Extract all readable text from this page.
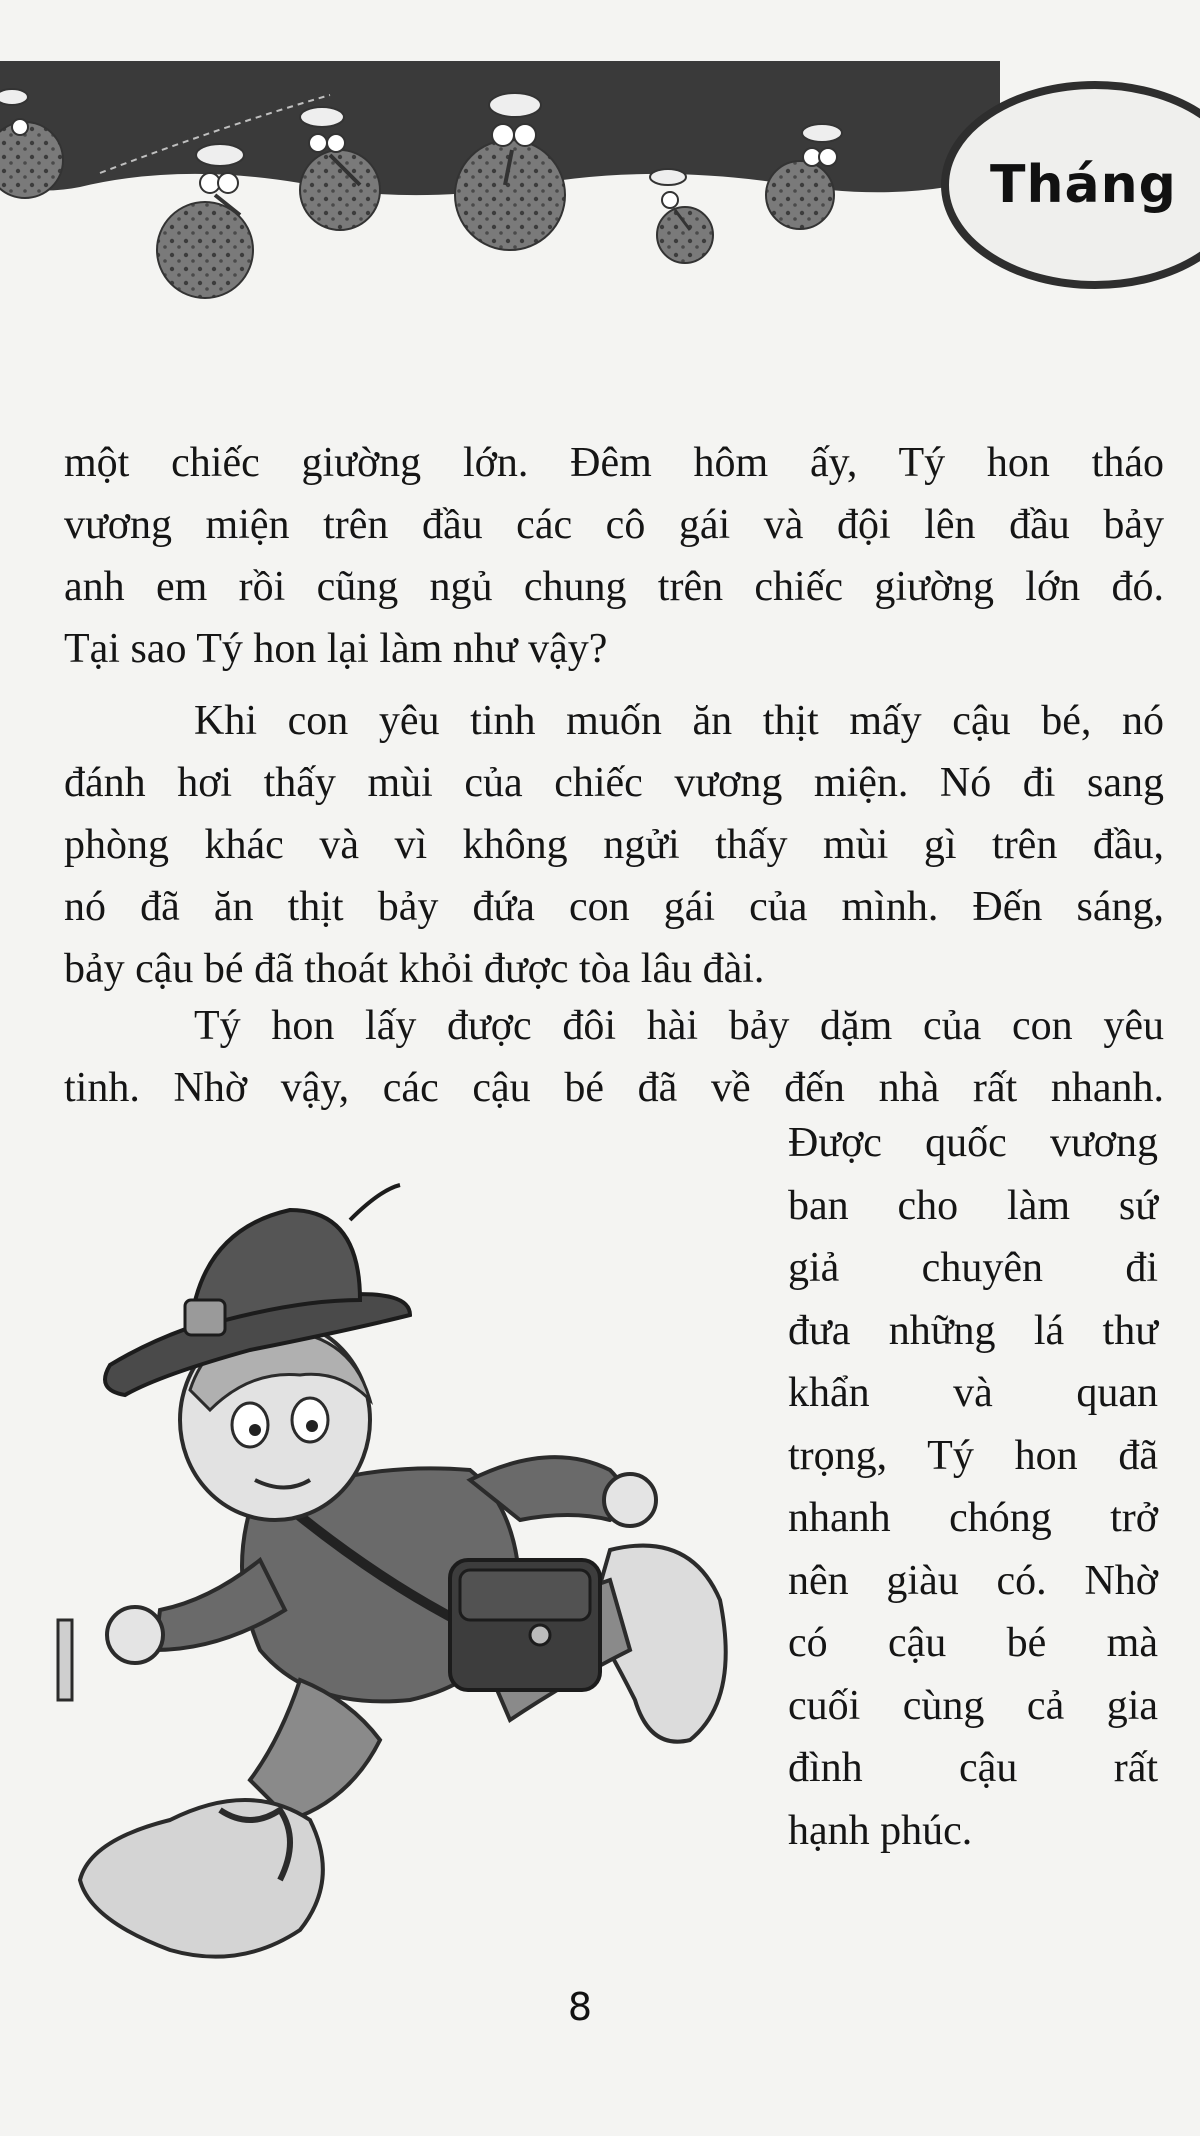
Tháng
một chiếc giường lớn. Đêm hôm ấy, Tý hon tháo
vương miện trên đầu các cô gái và đội lên đầu bảy
anh em rồi cũng ngủ chung trên chiếc giường lớn đó.
Tại sao Tý hon lại làm như vậy?
Khi con yêu tinh muốn ăn thịt mấy cậu bé, nó
đánh hơi thấy mùi của chiếc vương miện. Nó đi sang
phòng khác và vì không ngửi thấy mùi gì trên đầu,
nó đã ăn thịt bảy đứa con gái của mình. Đến sáng,
bảy cậu bé đã thoát khỏi được tòa lâu đài.
Tý hon lấy được đôi hài bảy dặm của con yêu
tinh. Nhờ vậy, các cậu bé đã về đến nhà rất nhanh.
Được quốc vương
ban cho làm sứ
giả chuyên đi
đưa những lá thư
khẩn và quan
trọng, Tý hon đã
nhanh chóng trở
nên giàu có. Nhờ
có cậu bé mà
cuối cùng cả gia
đình cậu rất
hạnh phúc.
8
